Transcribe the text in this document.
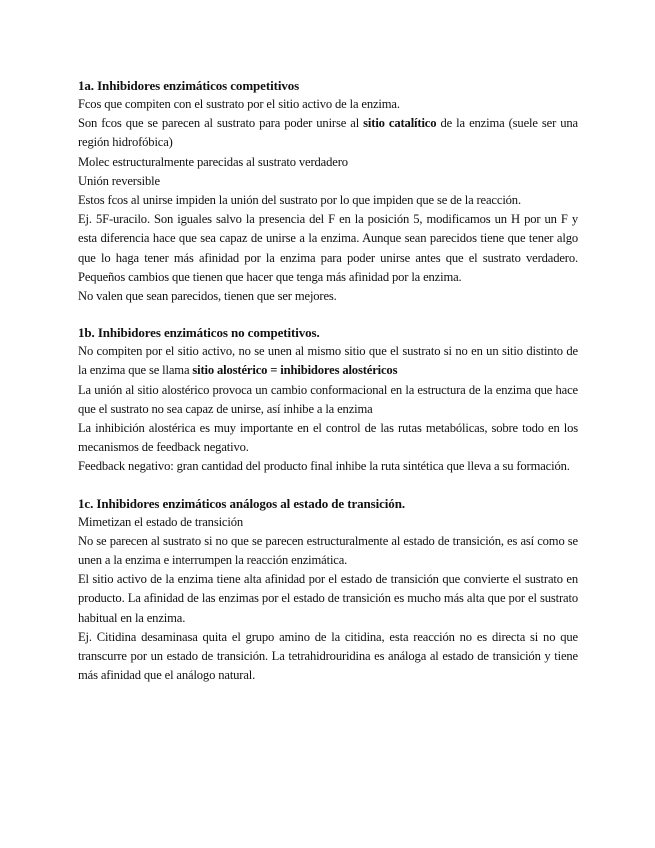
1a. Inhibidores enzimáticos competitivos

Fcos que compiten con el sustrato por el sitio activo de la enzima.

Son fcos que se parecen al sustrato para poder unirse al sitio catalítico de la enzima (suele ser una región hidrofóbica)

Molec estructuralmente parecidas al sustrato verdadero

Unión reversible

Estos fcos al unirse impiden la unión del sustrato por lo que impiden que se de la reacción.

Ej. 5F-uracilo. Son iguales salvo la presencia del F en la posición 5, modificamos un H por un F y esta diferencia hace que sea capaz de unirse a la enzima. Aunque sean parecidos tiene que tener algo que lo haga tener más afinidad por la enzima para poder unirse antes que el sustrato verdadero. Pequeños cambios que tienen que hacer que tenga más afinidad por la enzima.

No valen que sean parecidos, tienen que ser mejores.

1b. Inhibidores enzimáticos no competitivos.

No compiten por el sitio activo, no se unen al mismo sitio que el sustrato si no en un sitio distinto de la enzima que se llama sitio alostérico = inhibidores alostéricos

La unión al sitio alostérico provoca un cambio conformacional en la estructura de la enzima que hace que el sustrato no sea capaz de unirse, así inhibe a la enzima

La inhibición alostérica es muy importante en el control de las rutas metabólicas, sobre todo en los mecanismos de feedback negativo.

Feedback negativo: gran cantidad del producto final inhibe la ruta sintética que lleva a su formación.

1c. Inhibidores enzimáticos análogos al estado de transición.

Mimetizan el estado de transición

No se parecen al sustrato si no que se parecen estructuralmente al estado de transición, es así como se unen a la enzima e interrumpen la reacción enzimática.

El sitio activo de la enzima tiene alta afinidad por el estado de transición que convierte el sustrato en producto. La afinidad de las enzimas por el estado de transición es mucho más alta que por el sustrato habitual en la enzima.

Ej. Citidina desaminasa quita el grupo amino de la citidina, esta reacción no es directa si no que transcurre por un estado de transición. La tetrahidrouridina es análoga al estado de transición y tiene más afinidad que el análogo natural.
